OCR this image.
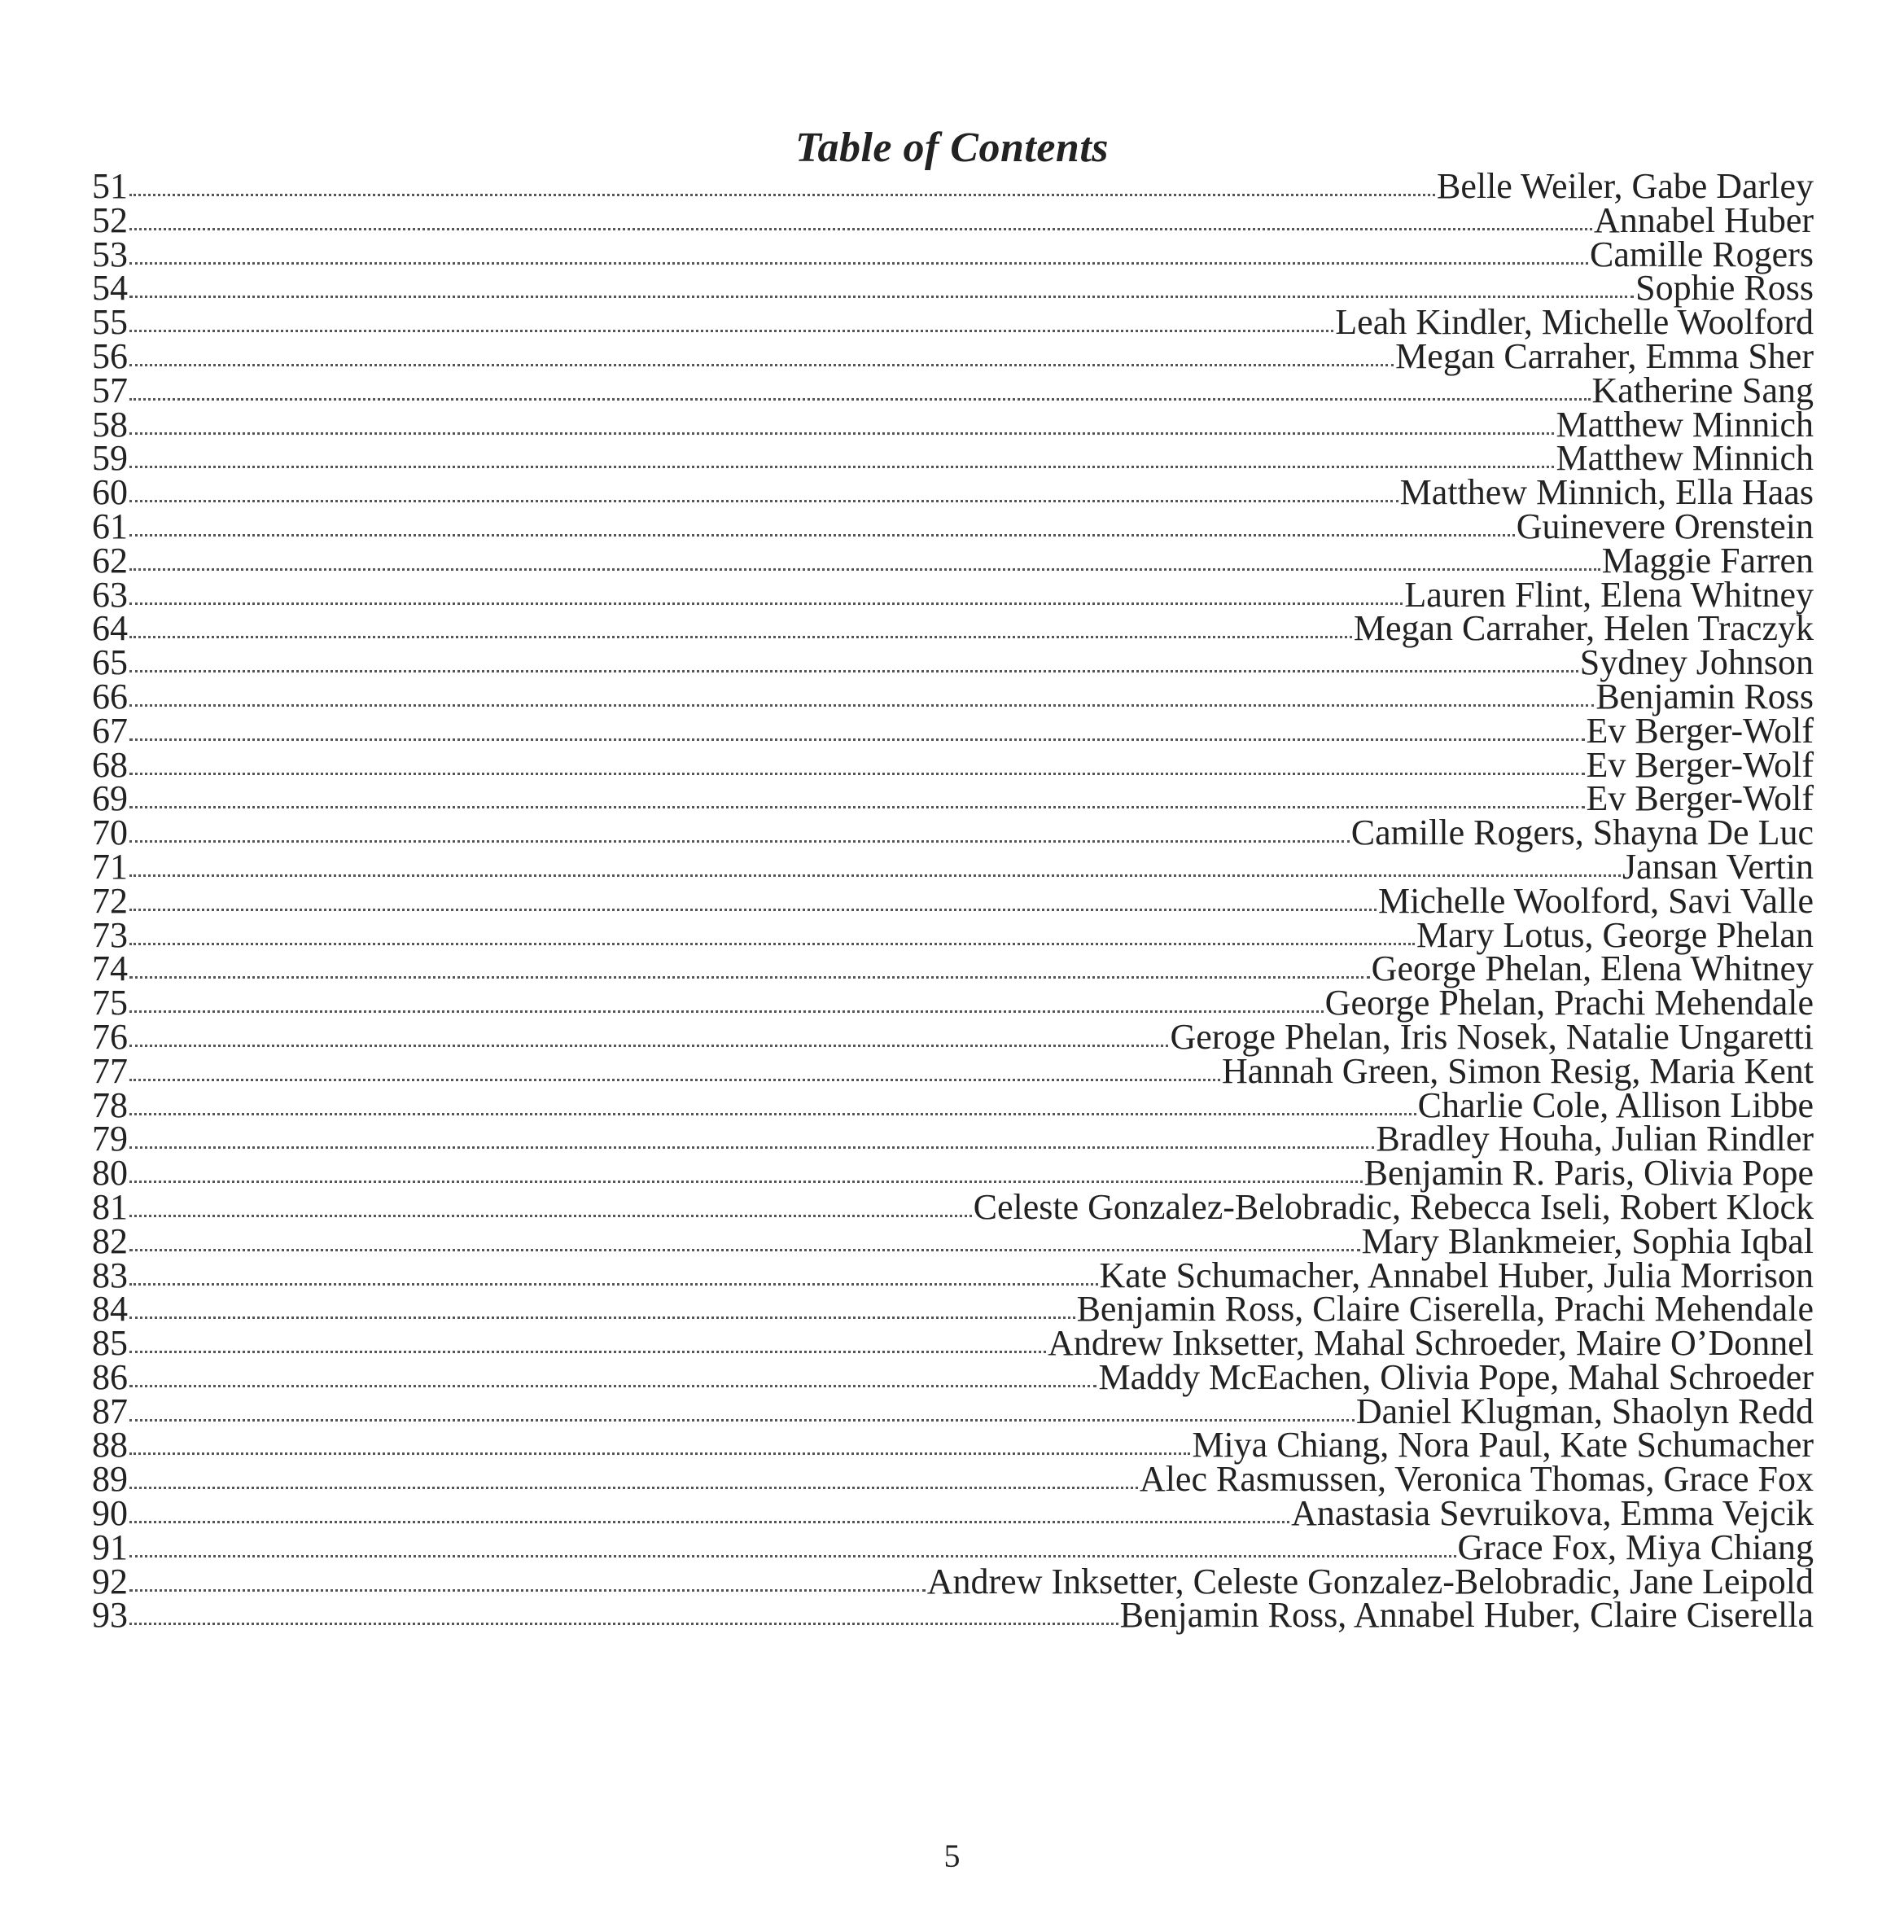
Table of Contents
51	Belle Weiler, Gabe Darley
52	Annabel Huber
53	Camille Rogers
54	Sophie Ross
55	Leah Kindler, Michelle Woolford
56	Megan Carraher, Emma Sher
57	Katherine Sang
58	Matthew Minnich
59	Matthew Minnich
60	Matthew Minnich, Ella Haas
61	Guinevere Orenstein
62	Maggie Farren
63	Lauren Flint, Elena Whitney
64	Megan Carraher, Helen Traczyk
65	Sydney Johnson
66	Benjamin Ross
67	Ev Berger-Wolf
68	Ev Berger-Wolf
69	Ev Berger-Wolf
70	Camille Rogers, Shayna De Luc
71	Jansan Vertin
72	Michelle Woolford, Savi Valle
73	Mary Lotus, George Phelan
74	George Phelan, Elena Whitney
75	George Phelan, Prachi Mehendale
76	Geroge Phelan, Iris Nosek, Natalie Ungaretti
77	Hannah Green, Simon Resig, Maria Kent
78	Charlie Cole, Allison Libbe
79	Bradley Houha, Julian Rindler
80	Benjamin R. Paris, Olivia Pope
81	Celeste Gonzalez-Belobradic, Rebecca Iseli, Robert Klock
82	Mary Blankmeier, Sophia Iqbal
83	Kate Schumacher, Annabel Huber, Julia Morrison
84	Benjamin Ross, Claire Ciserella, Prachi Mehendale
85	Andrew Inksetter, Mahal Schroeder, Maire O’Donnel
86	Maddy McEachen, Olivia Pope, Mahal Schroeder
87	Daniel Klugman, Shaolyn Redd
88	Miya Chiang, Nora Paul, Kate Schumacher
89	Alec Rasmussen, Veronica Thomas, Grace Fox
90	Anastasia Sevruikova, Emma Vejcik
91	Grace Fox, Miya Chiang
92	Andrew Inksetter, Celeste Gonzalez-Belobradic, Jane Leipold
93	Benjamin Ross, Annabel Huber, Claire Ciserella
5
